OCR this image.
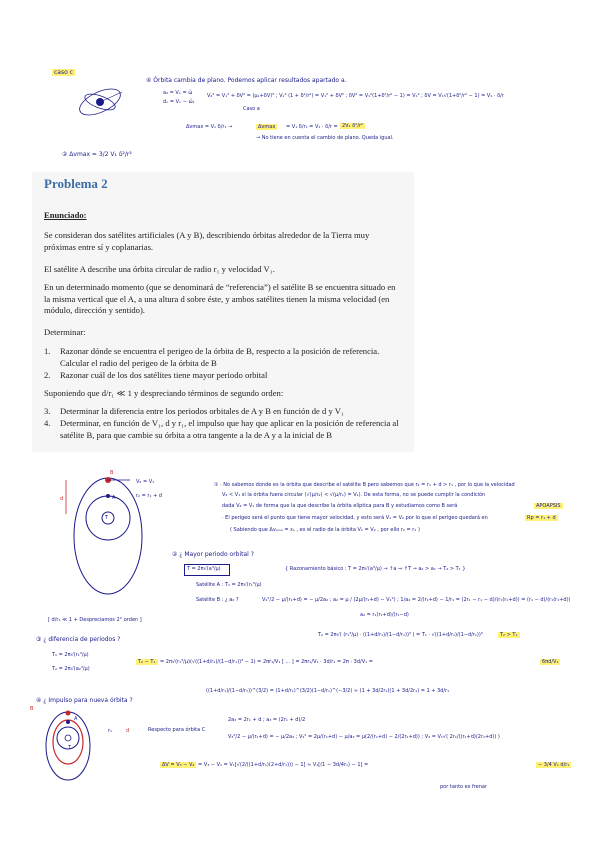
caso c
④ Órbita cambia de plano. Podemos aplicar resultados apartado a.
a₂ = V₁ = ω̃
dᵥ = Vᵥ − ω̃₁
V₂² = V₁² + δV² = (μ₁+δV)² ; V₁² (1 + δ²/r²) = V₁² + δV² ; δV² = V₁²(1+δ²/r² − 1) = V₁² ; δ̃V = V₁√(1+δ²/r² − 1) = V₁ · δ/r
Caso a
Δvmax = V₁ δ/r₁ →	Δvmax	= V₁ δ/r₁ = V₁ · δ/r = 2V₁ δ²/r²
→ No tiene en cuenta el cambio de plano. Queda igual.
② Δvmax = 3/2 V₁ δ²/r²
Problema 2
Enunciado:
Se consideran dos satélites artificiales (A y B), describiendo órbitas alrededor de la Tierra muy próximas entre sí y coplanarias.
El satélite A describe una órbita circular de radio r₁ y velocidad V₁.
En un determinado momento (que se denominará de “referencia”) el satélite B se encuentra situado en la misma vertical que el A, a una altura d sobre éste, y ambos satélites tienen la misma velocidad (en módulo, dirección y sentido).
Determinar:
1. Razonar dónde se encuentra el perigeo de la órbita de B, respecto a la posición de referencia. Calcular el radio del perigeo de la órbita de B
2. Razonar cuál de los dos satélites tiene mayor periodo orbital
Suponiendo que d/r₁ ≪ 1 y despreciando términos de segundo orden:
3. Determinar la diferencia entre los periodos orbitales de A y B en función de d y V₁
4. Determinar, en función de V₁, d y r₁, el impulso que hay que aplicar en la posición de referencia al satélite B, para que cambie su órbita a otra tangente a la de A y a la inicial de B
V₂ = V₁
r₂ = r₁ + d
B
A
d
T
① · No sabemos donde es la órbita que describe el satélite B pero sabemos que r₂ = r₁ + d > r₁ , por lo que la velocidad
V₂ < V₁ si la órbita fuera circular (√(μ/r₂) < √(μ/r₁) = V₁). De esta forma, no se puede cumplir la condición
dada V₂ = V₁ de forma que la que describe la órbita elíptica para B y estudiamos como B será	APOAPSIS
· El perigeo será el punto que tiene mayor velocidad, y esto será V₁ = V₂ por lo que el perigeo quedará en	Rp = r₁ + d
( Sabiendo que Δvₐₘₐ = ε₁ , es el radio de la órbita V₁ = V₂ , por ello r₂ = r₁ )
② ¿ Mayor periodo orbital ?
T = 2π√(a³/μ)	{ Razonamiento básico : T = 2π√(a³/μ) → ↑a ⇒ ↑T → a₂ > a₁ → T₂ > T₁ }
Satélite A : T₁ = 2π√(r₁³/μ)
Satélite B : ¿ a₂ ?	V₂²/2 − μ/(r₁+d) = − μ/2a₂ ; a₂ = μ / (2μ/(r₁+d) − V₁²) ; 1/a₂ = 2/(r₁+d) − 1/r₁ = (2r₁ − r₁ − d)/(r₁(r₁+d)) = (r₁ − d)/(r₁(r₁+d))
a₂ = r₁(r₁+d)/(r₁−d)
T₂ = 2π√( (r₁³/μ) · ((1+d/r₁)/(1−d/r₁))³ ) = T₁ · √((1+d/r₁)/(1−d/r₁))³	T₂ > T₁
[ d/r₁ ≪ 1 + Despreciamos 2° orden ]
③ ¿ diferencia de periodos ?
T₁ = 2π√(r₁³/μ)
T₂ = 2π√(a₂³/μ)
T₂ − T₁ = 2π√(r₁³/μ)(√((1+d/r₁)/(1−d/r₁))³ − 1) = 2πr₁/V₁ [ ... ] = 2πr₁/V₁ · 3d/r₁ = 2π · 3d/V₁ =	6πd/V₁
((1+d/r₁)/(1−d/r₁))^(3/2) = (1+d/r₁)^(3/2)(1−d/r₁)^(−3/2) ≈ (1 + 3d/2r₁)(1 + 3d/2r₁) = 1 + 3d/r₁
④ ¿ Impulso para nueva órbita ?
B
A
r₁	d
T
Respecto para órbita C
2a₃ = 2r₁ + d ; a₃ = (2r₁ + d)/2
V₃²/2 − μ/(r₁+d) = − μ/2a₃ ; V₃² = 2μ/(r₁+d) − μ/a₃ = μ(2/(r₁+d) − 2/(2r₁+d)) ; V₃ = V₁√( 2r₁/((r₁+d)(2r₁+d)) )
ΔV = V₃ − V₂ = V₃ − V₁ = V₁[√(2/((1+d/r₁)(2+d/r₁))) − 1] ≈ V₁[(1 − 3d/4r₁) − 1] =	− 3/4 V₁ d/r₁
por tanto es frenar
